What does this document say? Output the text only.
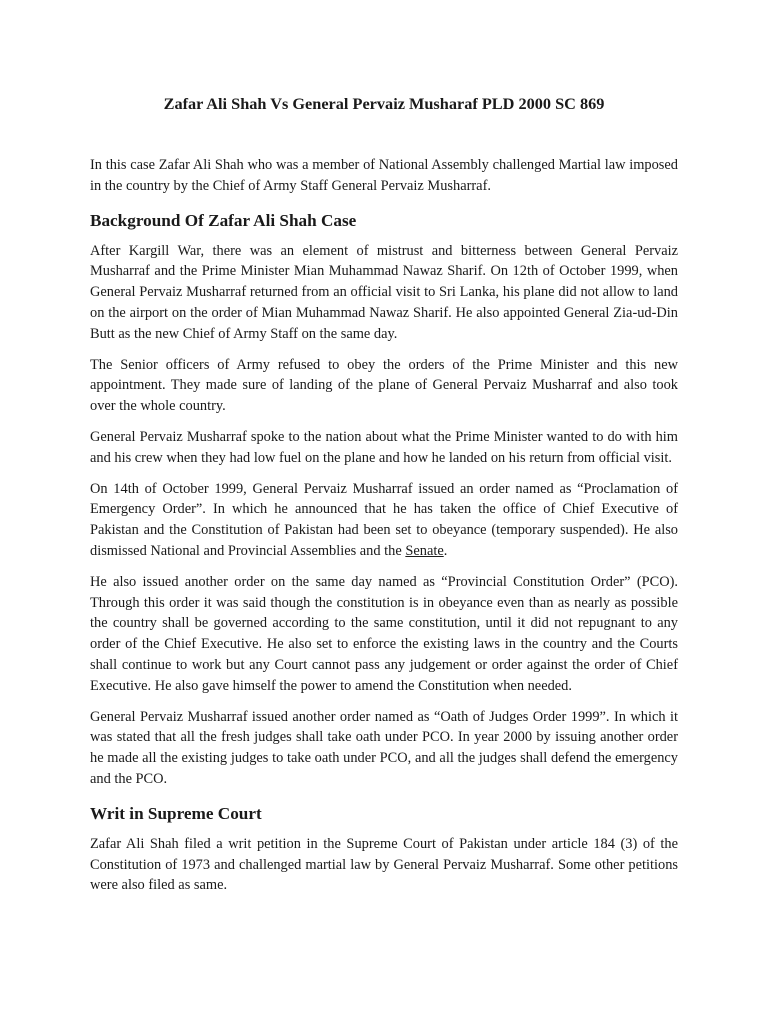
Zafar Ali Shah Vs General Pervaiz Musharaf PLD 2000 SC 869

In this case Zafar Ali Shah who was a member of National Assembly challenged Martial law imposed in the country by the Chief of Army Staff General Pervaiz Musharraf.

Background Of Zafar Ali Shah Case

After Kargill War, there was an element of mistrust and bitterness between General Pervaiz Musharraf and the Prime Minister Mian Muhammad Nawaz Sharif. On 12th of October 1999, when General Pervaiz Musharraf returned from an official visit to Sri Lanka, his plane did not allow to land on the airport on the order of Mian Muhammad Nawaz Sharif. He also appointed General Zia-ud-Din Butt as the new Chief of Army Staff on the same day.

The Senior officers of Army refused to obey the orders of the Prime Minister and this new appointment. They made sure of landing of the plane of General Pervaiz Musharraf and also took over the whole country.

General Pervaiz Musharraf spoke to the nation about what the Prime Minister wanted to do with him and his crew when they had low fuel on the plane and how he landed on his return from official visit.

On 14th of October 1999, General Pervaiz Musharraf issued an order named as “Proclamation of Emergency Order”. In which he announced that he has taken the office of Chief Executive of Pakistan and the Constitution of Pakistan had been set to obeyance (temporary suspended). He also dismissed National and Provincial Assemblies and the Senate.

He also issued another order on the same day named as “Provincial Constitution Order” (PCO). Through this order it was said though the constitution is in obeyance even than as nearly as possible the country shall be governed according to the same constitution, until it did not repugnant to any order of the Chief Executive. He also set to enforce the existing laws in the country and the Courts shall continue to work but any Court cannot pass any judgement or order against the order of Chief Executive. He also gave himself the power to amend the Constitution when needed.

General Pervaiz Musharraf issued another order named as “Oath of Judges Order 1999”. In which it was stated that all the fresh judges shall take oath under PCO. In year 2000 by issuing another order he made all the existing judges to take oath under PCO, and all the judges shall defend the emergency and the PCO.

Writ in Supreme Court

Zafar Ali Shah filed a writ petition in the Supreme Court of Pakistan under article 184 (3) of the Constitution of 1973 and challenged martial law by General Pervaiz Musharraf. Some other petitions were also filed as same.
